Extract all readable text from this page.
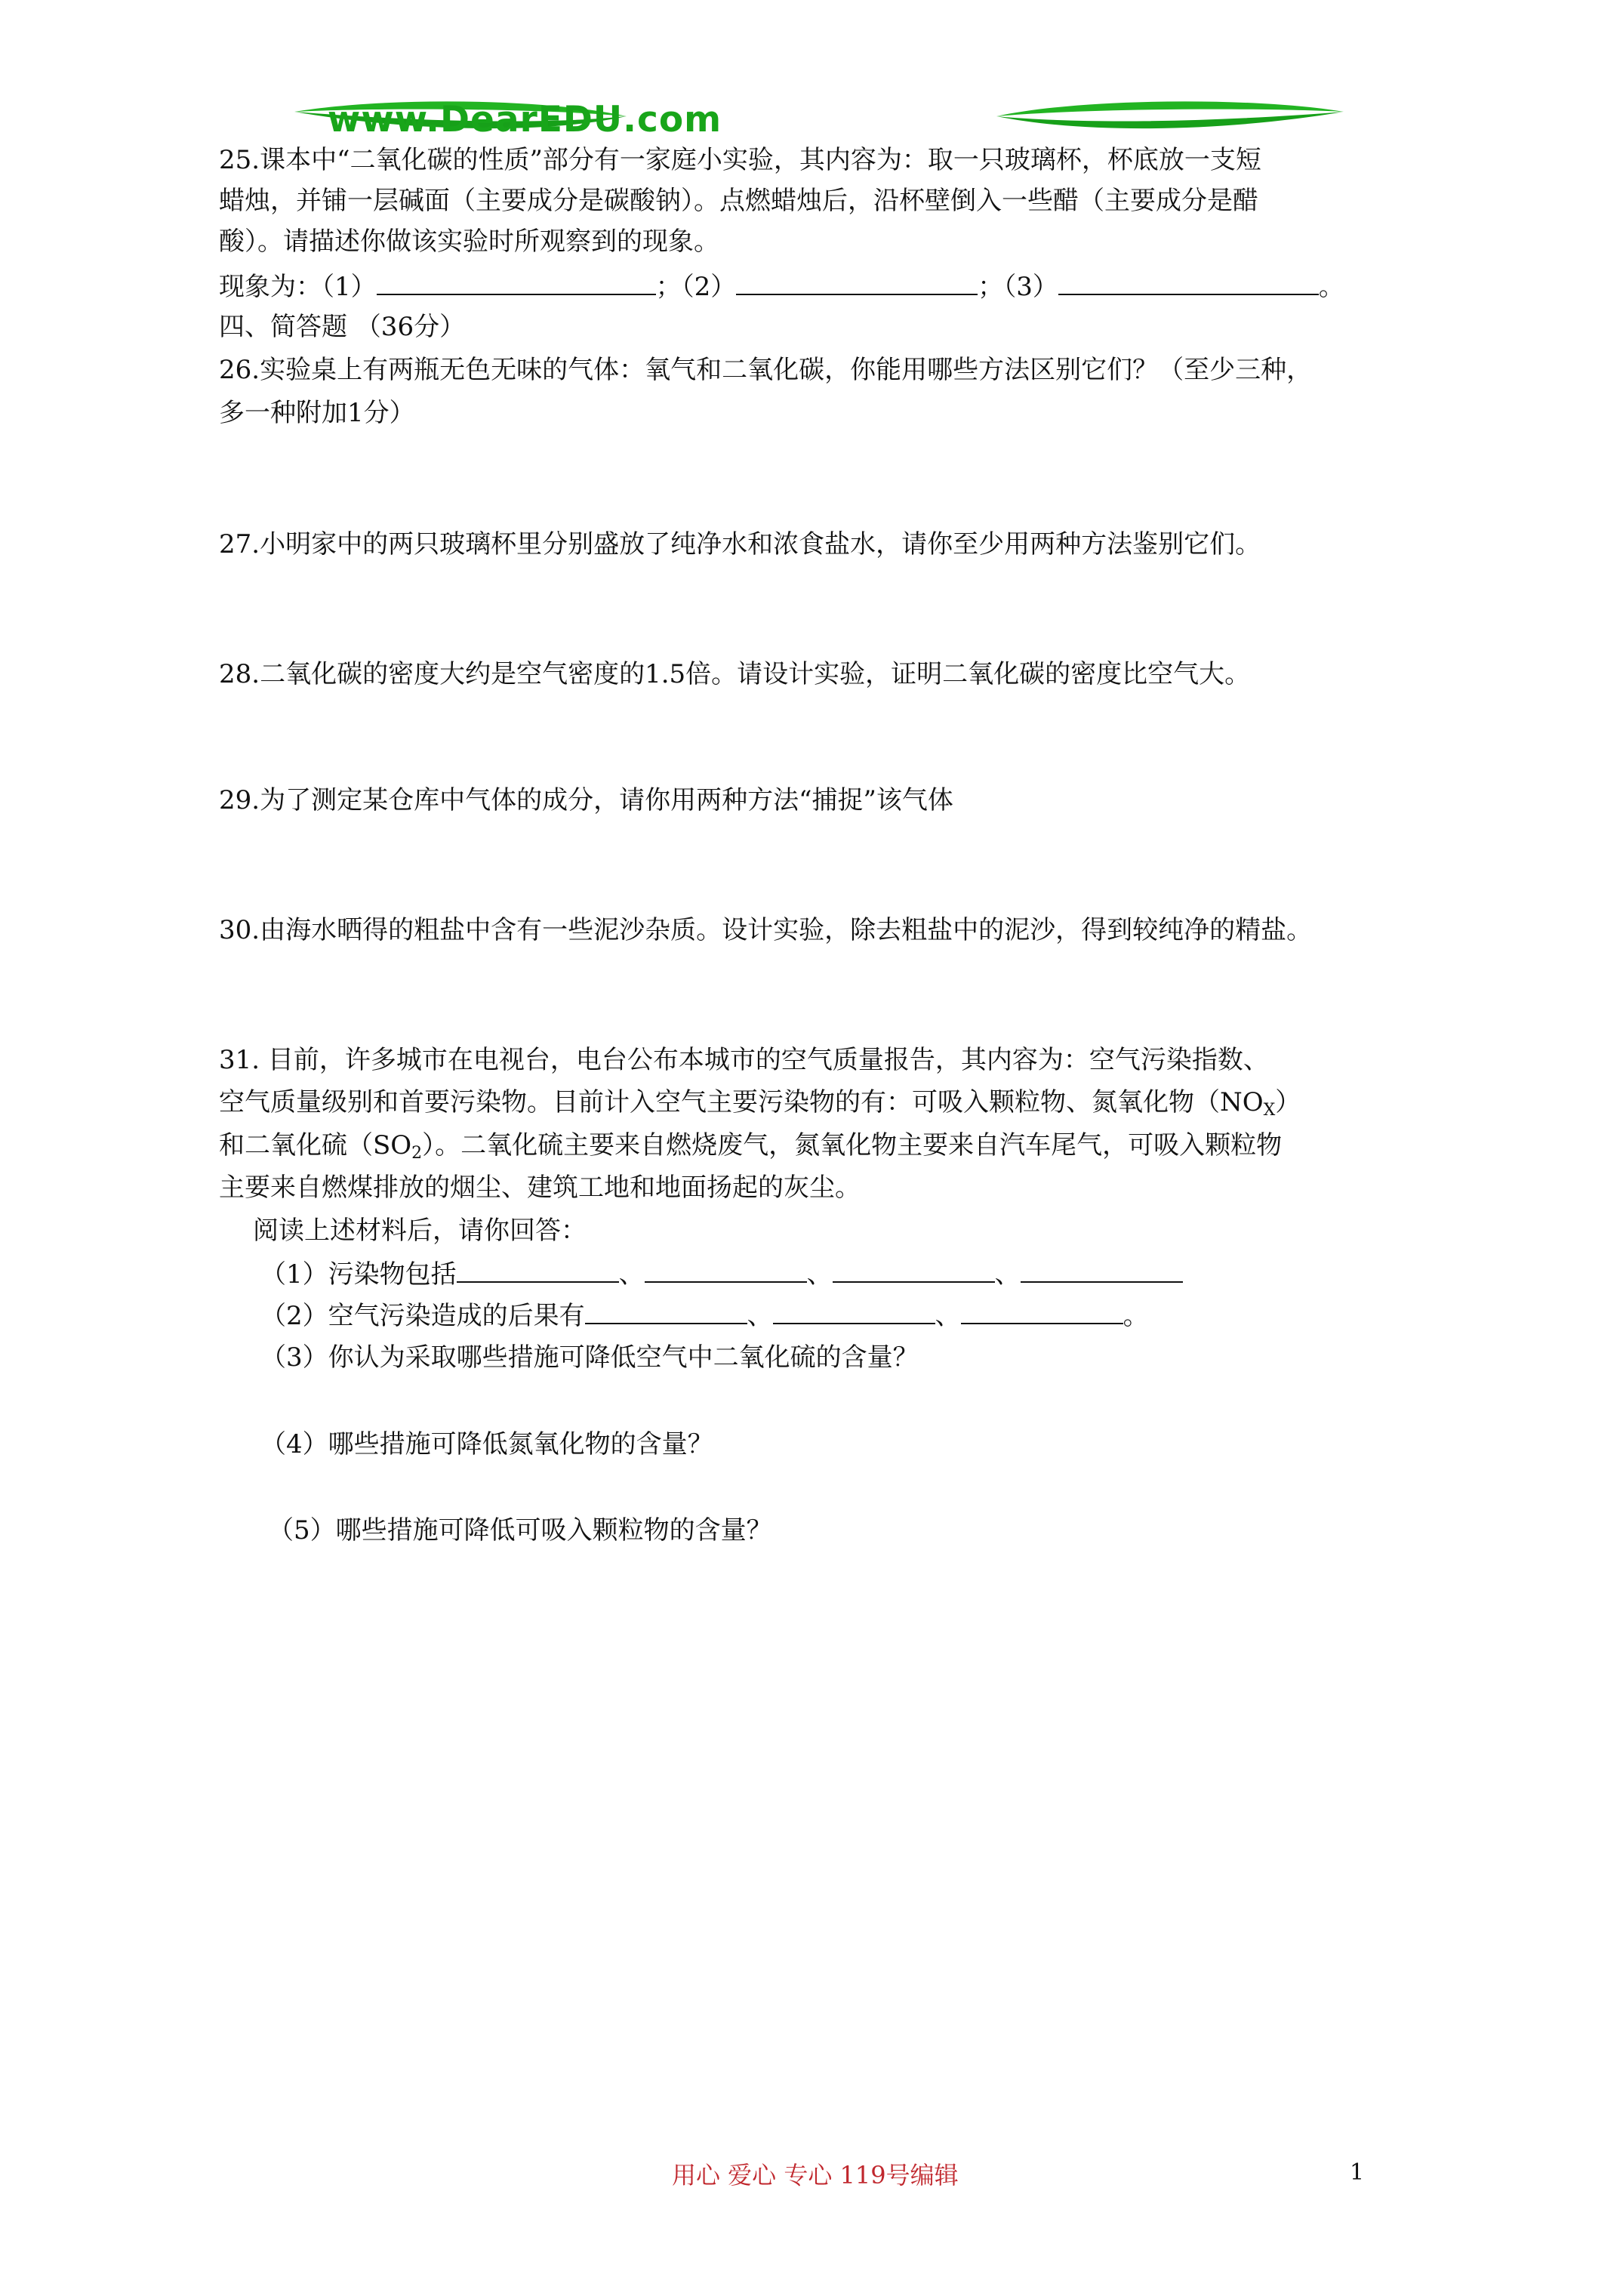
www.DearEDU.com
25.课本中“二氧化碳的性质”部分有一家庭小实验，其内容为：取一只玻璃杯，杯底放一支短
蜡烛，并铺一层碱面（主要成分是碳酸钠）。点燃蜡烛后，沿杯壁倒入一些醋（主要成分是醋
酸）。请描述你做该实验时所观察到的现象。
现象为：（1）	；（2）	；（3）	。
四、简答题 （36分）
26.实验桌上有两瓶无色无味的气体：氧气和二氧化碳，你能用哪些方法区别它们？（至少三种，
多一种附加1分）
27.小明家中的两只玻璃杯里分别盛放了纯净水和浓食盐水，请你至少用两种方法鉴别它们。
28.二氧化碳的密度大约是空气密度的1.5倍。请设计实验，证明二氧化碳的密度比空气大。
29.为了测定某仓库中气体的成分，请你用两种方法“捕捉”该气体
30.由海水晒得的粗盐中含有一些泥沙杂质。设计实验，除去粗盐中的泥沙，得到较纯净的精盐。
31. 目前，许多城市在电视台，电台公布本城市的空气质量报告，其内容为：空气污染指数、
空气质量级别和首要污染物。目前计入空气主要污染物的有：可吸入颗粒物、氮氧化物$(NO_X)$
和二氧化硫$(SO_2)$。二氧化硫主要来自燃烧废气，氮氧化物主要来自汽车尾气，可吸入颗粒物
主要来自燃煤排放的烟尘、建筑工地和地面扬起的灰尘。
阅读上述材料后，请你回答：
（1）污染物包括	、	、	、
（2）空气污染造成的后果有	、	、	。
（3）你认为采取哪些措施可降低空气中二氧化硫的含量？
（4）哪些措施可降低氮氧化物的含量？
（5）哪些措施可降低可吸入颗粒物的含量？
用心 爱心 专心 119号编辑	1
